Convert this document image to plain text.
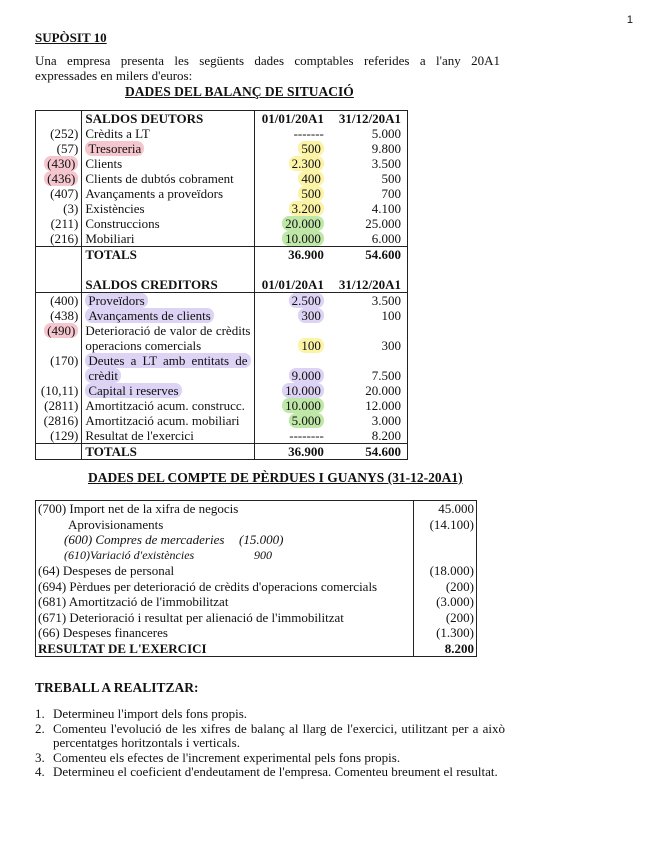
1
SUPÒSIT 10
Una empresa presenta les següents dades comptables referides a l'any 20A1
expressades en milers d'euros:
DADES DEL BALANÇ DE SITUACIÓ
	SALDOS DEUTORS	01/01/20A1	31/12/20A1
(252)	Crèdits a LT	-------	5.000
(57)	Tresoreria	500	9.800
(430)	Clients	2.300	3.500
(436)	Clients de dubtós cobrament	400	500
(407)	Avançaments a proveïdors	500	700
(3)	Existències	3.200	4.100
(211)	Construccions	20.000	25.000
(216)	Mobiliari	10.000	6.000
	TOTALS	36.900	54.600

	SALDOS CREDITORS	01/01/20A1	31/12/20A1
(400)	Proveïdors	2.500	3.500
(438)	Avançaments de clients	300	100
(490)	Deterioració de valor de crèdits		
	operacions comercials	100	300
(170)	Deutes a LT amb entitats de		
	crèdit	9.000	7.500
(10,11)	Capital i reserves	10.000	20.000
(2811)	Amortització acum. construcc.	10.000	12.000
(2816)	Amortització acum. mobiliari	5.000	3.000
(129)	Resultat de l'exercici	--------	8.200
	TOTALS	36.900	54.600
DADES DEL COMPTE DE PÈRDUES I GUANYS (31-12-20A1)
(700) Import net de la xifra de negocis	45.000
Aprovisionaments	(14.100)
(600) Compres de mercaderies (15.000)	
(610)Variació d'existències 900	
(64) Despeses de personal	(18.000)
(694) Pèrdues per deterioració de crèdits d'operacions comercials	(200)
(681) Amortització de l'immobilitzat	(3.000)
(671) Deterioració i resultat per alienació de l'immobilitzat	(200)
(66) Despeses financeres	(1.300)
RESULTAT DE L'EXERCICI	8.200
TREBALL A REALITZAR:
1. Determineu l'import dels fons propis.
2. Comenteu l'evolució de les xifres de balanç al llarg de l'exercici, utilitzant per a això percentatges horitzontals i verticals.
3. Comenteu els efectes de l'increment experimental pels fons propis.
4. Determineu el coeficient d'endeutament de l'empresa. Comenteu breument el resultat.
